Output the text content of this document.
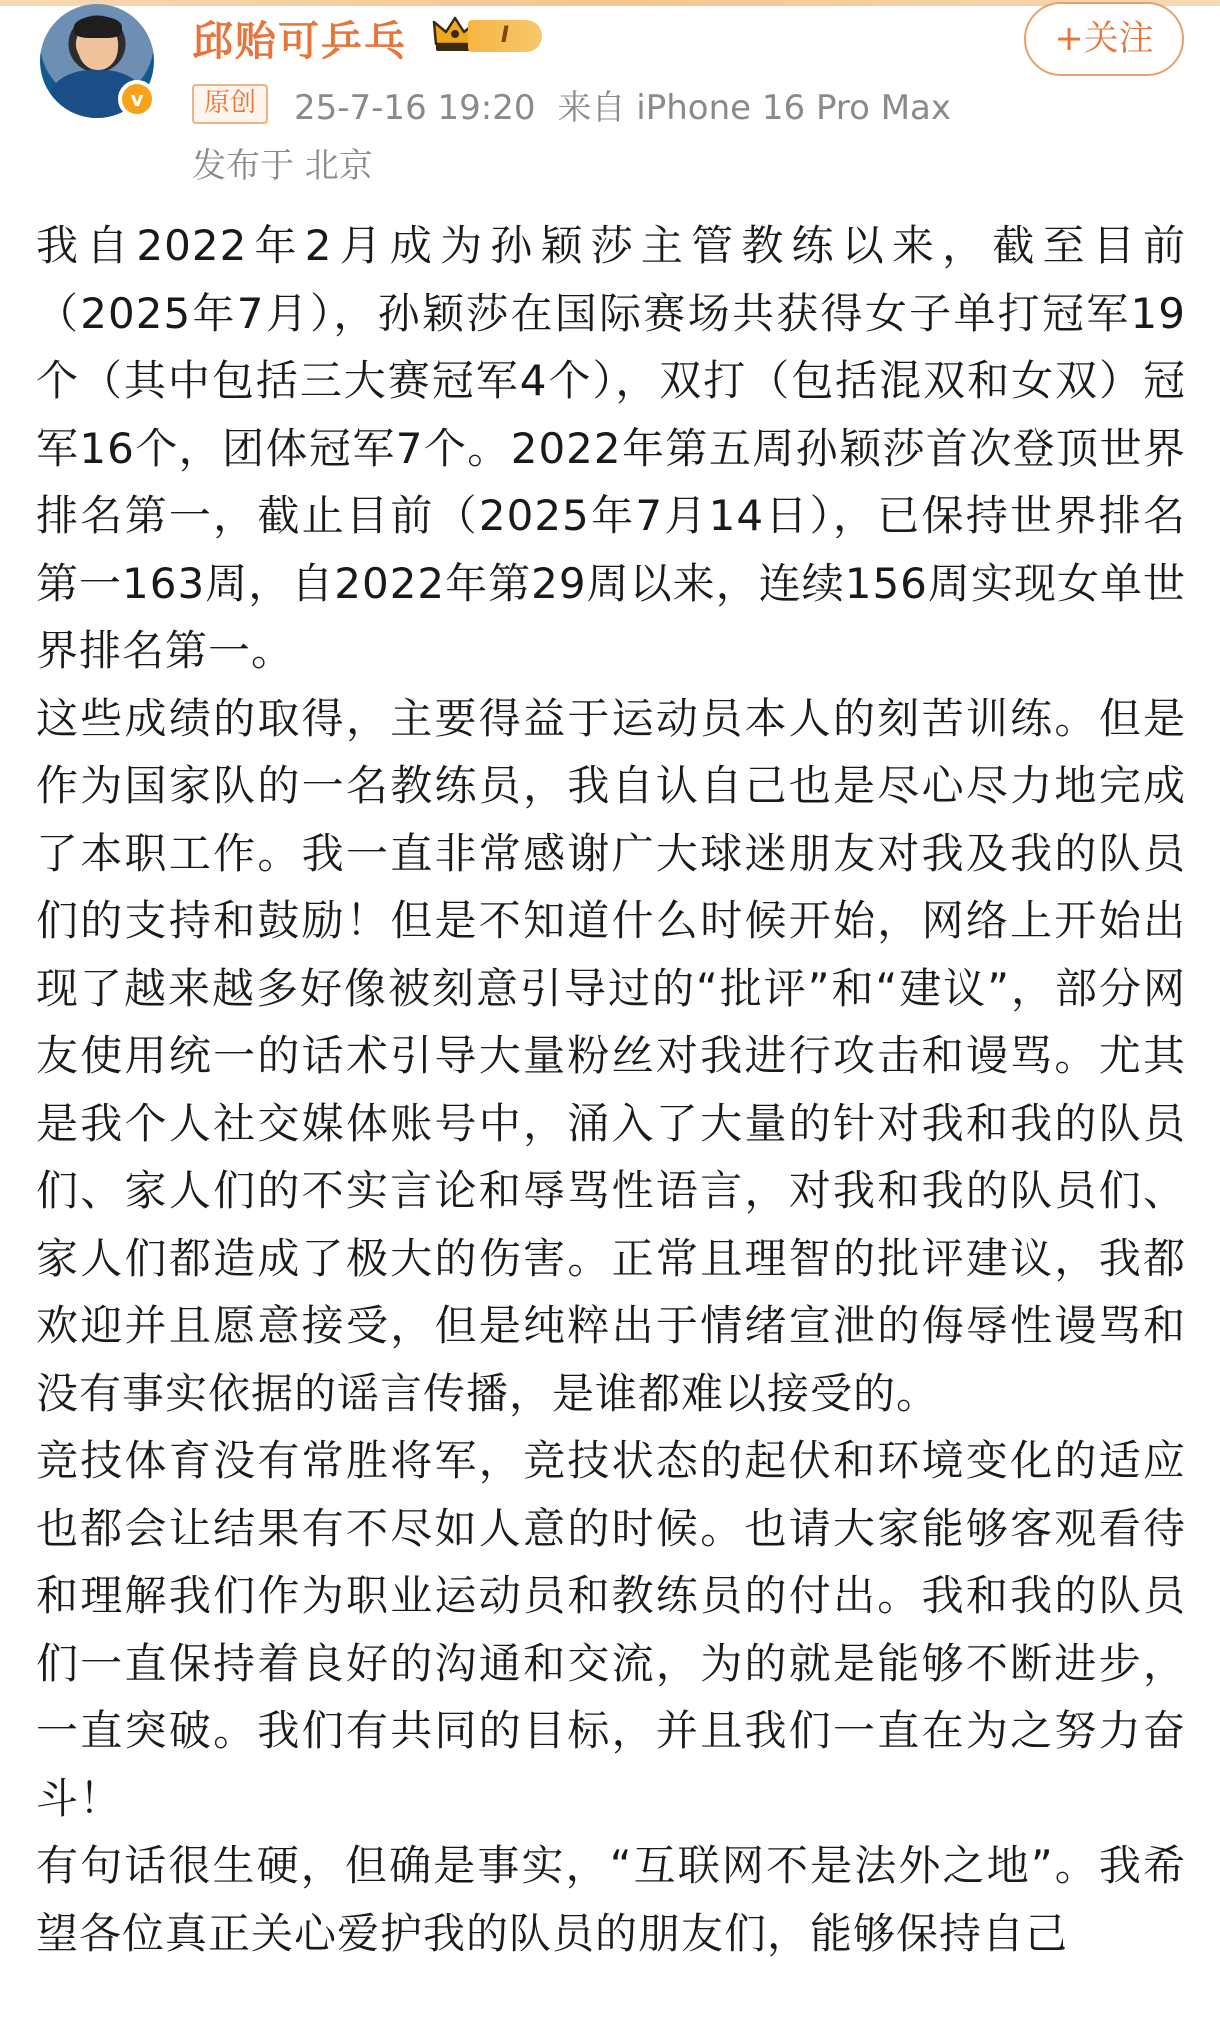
v
邱贻可乒乓	I	+关注
原创	25-7-16 19:20 来自 iPhone 16 Pro Max
发布于 北京

我自2022年2月成为孙颖莎主管教练以来，截至目前（2025年7月），孙颖莎在国际赛场共获得女子单打冠军19个（其中包括三大赛冠军4个），双打（包括混双和女双）冠军16个，团体冠军7个。2022年第五周孙颖莎首次登顶世界排名第一，截止目前（2025年7月14日），已保持世界排名第一163周，自2022年第29周以来，连续156周实现女单世界排名第一。

这些成绩的取得，主要得益于运动员本人的刻苦训练。但是作为国家队的一名教练员，我自认自己也是尽心尽力地完成了本职工作。我一直非常感谢广大球迷朋友对我及我的队员们的支持和鼓励！但是不知道什么时候开始，网络上开始出现了越来越多好像被刻意引导过的“批评”和“建议”，部分网友使用统一的话术引导大量粉丝对我进行攻击和谩骂。尤其是我个人社交媒体账号中，涌入了大量的针对我和我的队员们、家人们的不实言论和辱骂性语言，对我和我的队员们、家人们都造成了极大的伤害。正常且理智的批评建议，我都欢迎并且愿意接受，但是纯粹出于情绪宣泄的侮辱性谩骂和没有事实依据的谣言传播，是谁都难以接受的。

竞技体育没有常胜将军，竞技状态的起伏和环境变化的适应也都会让结果有不尽如人意的时候。也请大家能够客观看待和理解我们作为职业运动员和教练员的付出。我和我的队员们一直保持着良好的沟通和交流，为的就是能够不断进步，一直突破。我们有共同的目标，并且我们一直在为之努力奋斗！

有句话很生硬，但确是事实，“互联网不是法外之地”。我希望各位真正关心爱护我的队员的朋友们，能够保持自己
